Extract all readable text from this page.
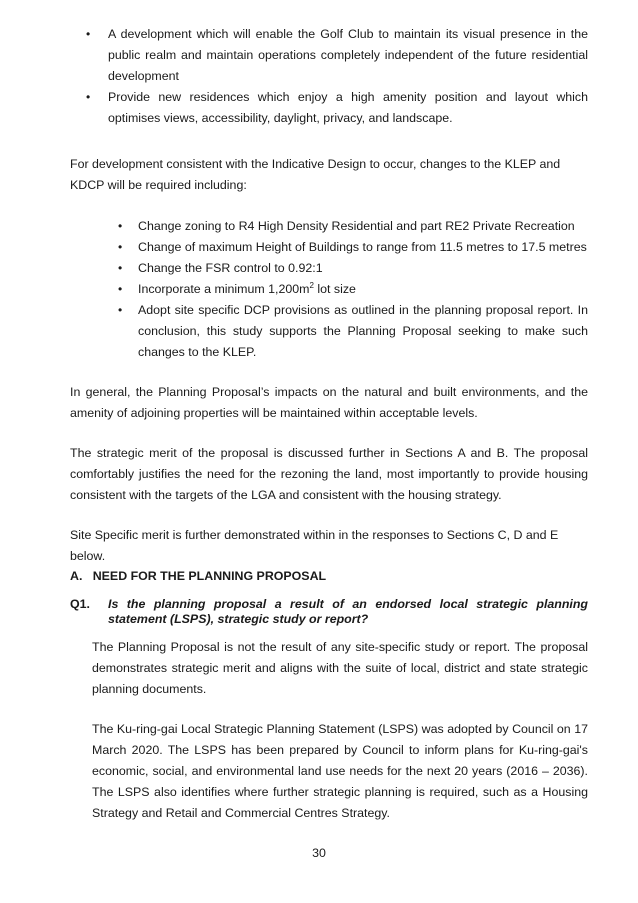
• A development which will enable the Golf Club to maintain its visual presence in the public realm and maintain operations completely independent of the future residential development
• Provide new residences which enjoy a high amenity position and layout which optimises views, accessibility, daylight, privacy, and landscape.

For development consistent with the Indicative Design to occur, changes to the KLEP and KDCP will be required including:

• Change zoning to R4 High Density Residential and part RE2 Private Recreation
• Change of maximum Height of Buildings to range from 11.5 metres to 17.5 metres
• Change the FSR control to 0.92:1
• Incorporate a minimum $1,200m^2$ lot size
• Adopt site specific DCP provisions as outlined in the planning proposal report. In conclusion, this study supports the Planning Proposal seeking to make such changes to the KLEP.

In general, the Planning Proposal’s impacts on the natural and built environments, and the amenity of adjoining properties will be maintained within acceptable levels.

The strategic merit of the proposal is discussed further in Sections A and B. The proposal comfortably justifies the need for the rezoning the land, most importantly to provide housing consistent with the targets of the LGA and consistent with the housing strategy.

Site Specific merit is further demonstrated within in the responses to Sections C, D and E below.

A.   NEED FOR THE PLANNING PROPOSAL

Q1. Is the planning proposal a result of an endorsed local strategic planning statement (LSPS), strategic study or report?

The Planning Proposal is not the result of any site-specific study or report. The proposal demonstrates strategic merit and aligns with the suite of local, district and state strategic planning documents.

The Ku-ring-gai Local Strategic Planning Statement (LSPS) was adopted by Council on 17 March 2020. The LSPS has been prepared by Council to inform plans for Ku-ring-gai's economic, social, and environmental land use needs for the next 20 years (2016 – 2036). The LSPS also identifies where further strategic planning is required, such as a Housing Strategy and Retail and Commercial Centres Strategy.

30
